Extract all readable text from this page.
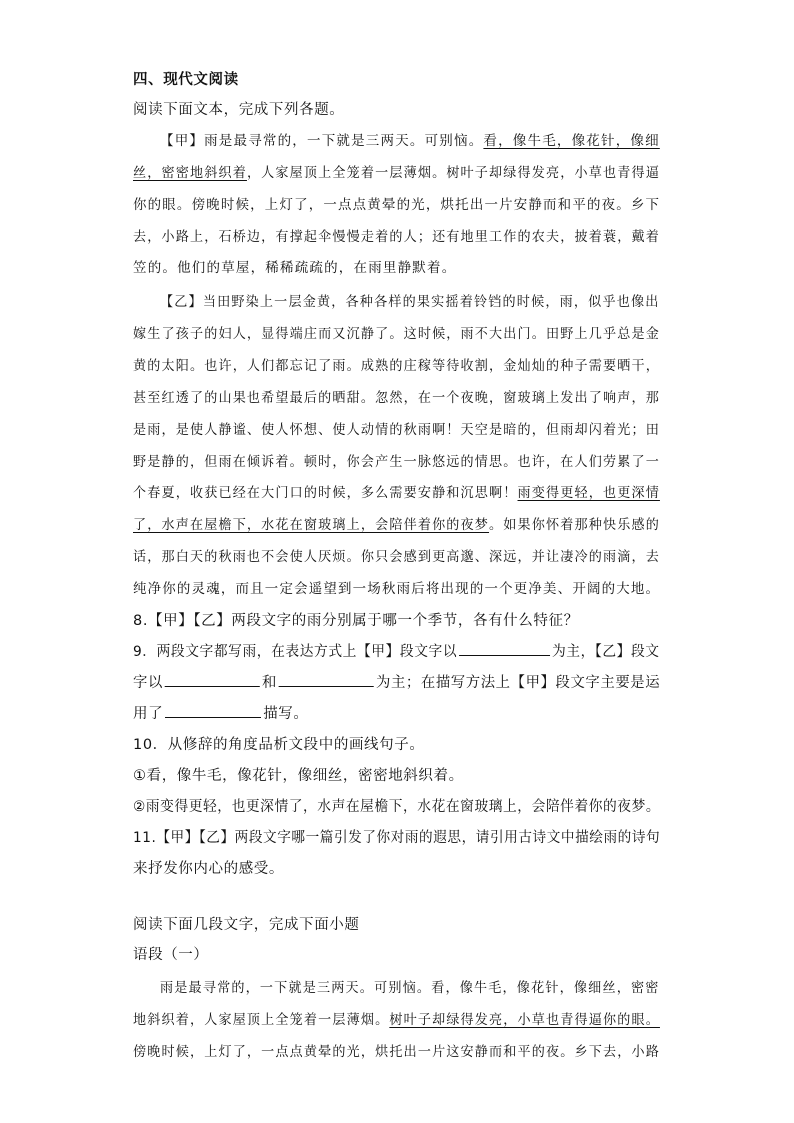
四、现代文阅读
阅读下面文本，完成下列各题。
【甲】雨是最寻常的，一下就是三两天。可别恼。看，像牛毛，像花针，像细
丝，密密地斜织着，人家屋顶上全笼着一层薄烟。树叶子却绿得发亮，小草也青得逼
你的眼。傍晚时候，上灯了，一点点黄晕的光，烘托出一片安静而和平的夜。乡下
去，小路上，石桥边，有撑起伞慢慢走着的人；还有地里工作的农夫，披着蓑，戴着
笠的。他们的草屋，稀稀疏疏的，在雨里静默着。
【乙】当田野染上一层金黄，各种各样的果实摇着铃铛的时候，雨，似乎也像出
嫁生了孩子的妇人，显得端庄而又沉静了。这时候，雨不大出门。田野上几乎总是金
黄的太阳。也许，人们都忘记了雨。成熟的庄稼等待收割，金灿灿的种子需要晒干，
甚至红透了的山果也希望最后的晒甜。忽然，在一个夜晚，窗玻璃上发出了响声，那
是雨，是使人静谧、使人怀想、使人动情的秋雨啊！天空是暗的，但雨却闪着光；田
野是静的，但雨在倾诉着。顿时，你会产生一脉悠远的情思。也许，在人们劳累了一
个春夏，收获已经在大门口的时候，多么需要安静和沉思啊！雨变得更轻，也更深情
了，水声在屋檐下，水花在窗玻璃上，会陪伴着你的夜梦。如果你怀着那种快乐感的
话，那白天的秋雨也不会使人厌烦。你只会感到更高邈、深远，并让凄冷的雨滴，去
纯净你的灵魂，而且一定会遥望到一场秋雨后将出现的一个更净美、开阔的大地。
8.【甲】【乙】两段文字的雨分别属于哪一个季节，各有什么特征？
9．两段文字都写雨，在表达方式上【甲】段文字以	为主，【乙】段文
字以	和	为主；在描写方法上【甲】段文字主要是运
用了	描写。
10．从修辞的角度品析文段中的画线句子。
①看，像牛毛，像花针，像细丝，密密地斜织着。
②雨变得更轻，也更深情了，水声在屋檐下，水花在窗玻璃上，会陪伴着你的夜梦。
11.【甲】【乙】两段文字哪一篇引发了你对雨的遐思，请引用古诗文中描绘雨的诗句
来抒发你内心的感受。
阅读下面几段文字，完成下面小题
语段（一）
雨是最寻常的，一下就是三两天。可别恼。看，像牛毛，像花针，像细丝，密密
地斜织着，人家屋顶上全笼着一层薄烟。树叶子却绿得发亮，小草也青得逼你的眼。
傍晚时候，上灯了，一点点黄晕的光，烘托出一片这安静而和平的夜。乡下去，小路
